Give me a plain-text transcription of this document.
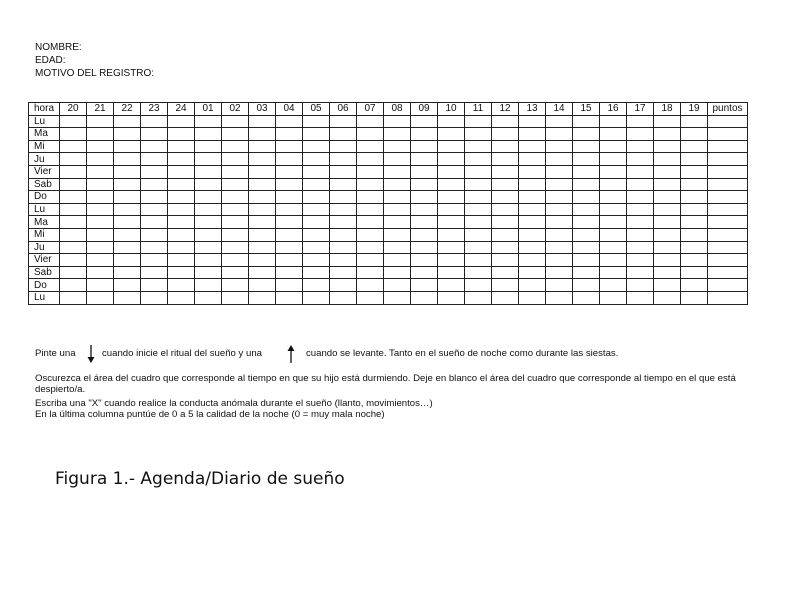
NOMBRE:
EDAD:
MOTIVO DEL REGISTRO:
hora	20	21	22	23	24	01	02	03	04	05	06	07	08	09	10	11	12	13	14	15	16	17	18	19	puntos
Lu																									
Ma																									
Mi																									
Ju																									
Vier																									
Sab																									
Do																									
Lu																									
Ma																									
Mi																									
Ju																									
Vier																									
Sab																									
Do																									
Lu																									
Pinte una	cuando inicie el ritual del sueño y una	cuando se levante. Tanto en el sueño de noche como durante las siestas.
Oscurezca el área del cuadro que corresponde al tiempo en que su hijo está durmiendo. Deje en blanco el área del cuadro que corresponde al tiempo en el que está despierto/a.
Escriba una "X" cuando realice la conducta anómala durante el sueño (llanto, movimientos…)
En la última columna puntúe de 0 a 5 la calidad de la noche (0 = muy mala noche)
Figura 1.- Agenda/Diario de sueño
